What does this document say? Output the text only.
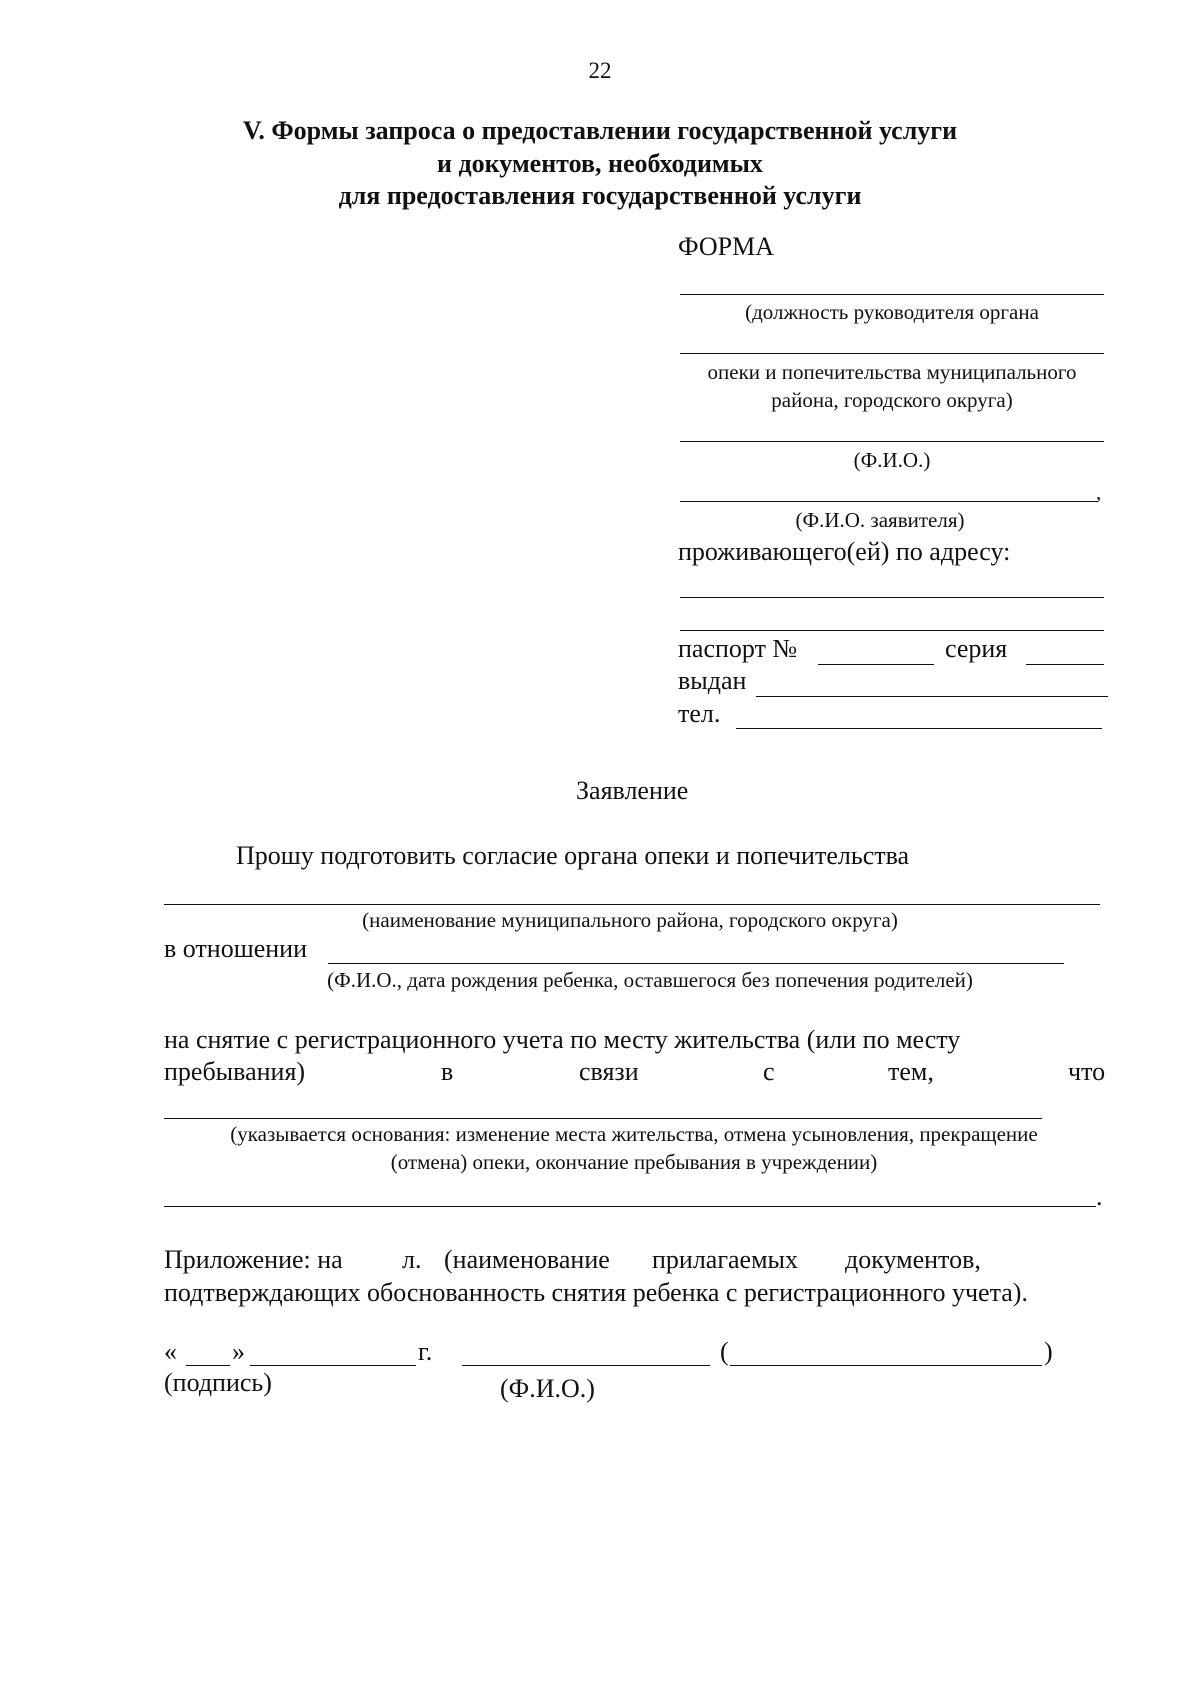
22
V. Формы запроса о предоставлении государственной услуги
и документов, необходимых
для предоставления государственной услуги
ФОРМА
(должность руководителя органа
опеки и попечительства муниципального
района, городского округа)
(Ф.И.О.)
,
(Ф.И.О. заявителя)
проживающего(ей) по адресу:
паспорт №	серия
выдан
тел.
Заявление
Прошу подготовить согласие органа опеки и попечительства
(наименование муниципального района, городского округа)
в отношении
(Ф.И.О., дата рождения ребенка, оставшегося без попечения родителей)
на снятие с регистрационного учета по месту жительства (или по месту
пребывания)	в	связи	с	тем,	что
(указывается основания: изменение места жительства, отмена усыновления, прекращение
(отмена) опеки, окончание пребывания в учреждении)
.
Приложение: на л. (наименование прилагаемых документов,
подтверждающих обоснованность снятия ребенка с регистрационного учета).
« »	г.	(	)
(подпись)	(Ф.И.О.)
